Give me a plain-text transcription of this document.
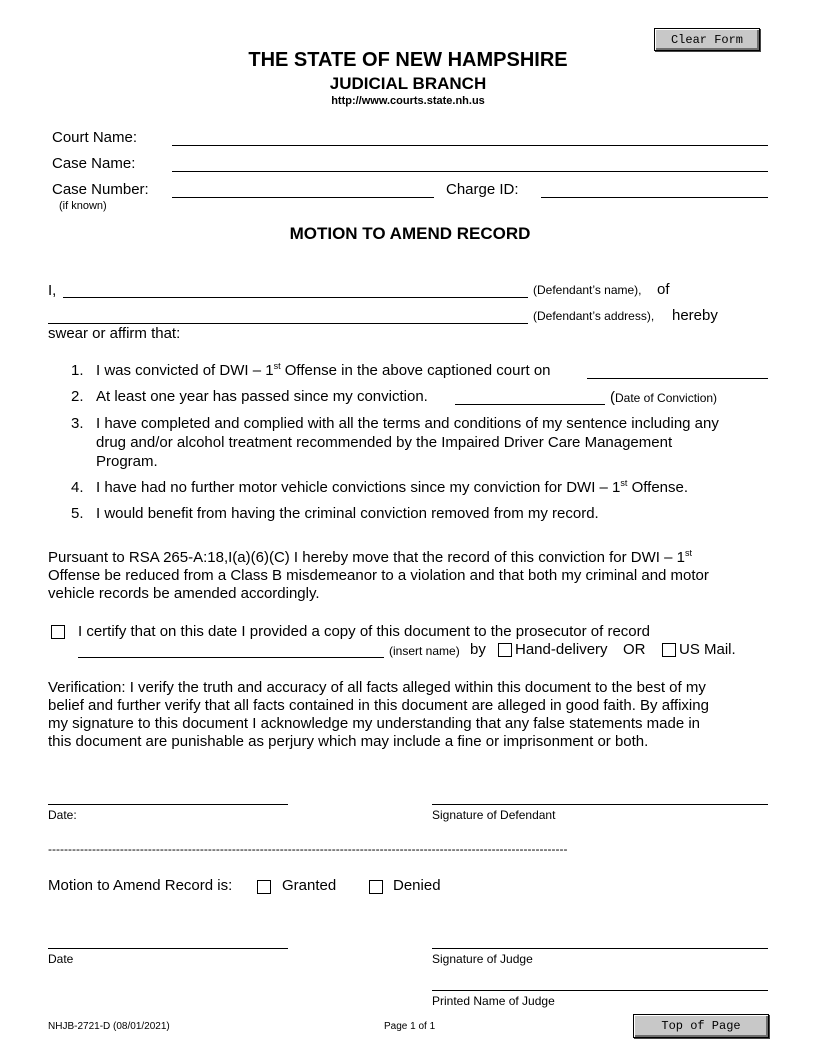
Clear Form
THE STATE OF NEW HAMPSHIRE
JUDICIAL BRANCH
http://www.courts.state.nh.us
Court Name:
Case Name:
Case Number:
(if known)
Charge ID:
MOTION TO AMEND RECORD
I,	(Defendant’s name), of
(Defendant’s address), hereby
swear or affirm that:
1. I was convicted of DWI – 1st Offense in the above captioned court on
2. At least one year has passed since my conviction.	(Date of Conviction)
3. I have completed and complied with all the terms and conditions of my sentence including any
drug and/or alcohol treatment recommended by the Impaired Driver Care Management
Program.
4. I have had no further motor vehicle convictions since my conviction for DWI – 1st Offense.
5. I would benefit from having the criminal conviction removed from my record.
Pursuant to RSA 265-A:18,I(a)(6)(C) I hereby move that the record of this conviction for DWI – 1st
Offense be reduced from a Class B misdemeanor to a violation and that both my criminal and motor
vehicle records be amended accordingly.
I certify that on this date I provided a copy of this document to the prosecutor of record
(insert name) by Hand-delivery OR US Mail.
Verification: I verify the truth and accuracy of all facts alleged within this document to the best of my
belief and further verify that all facts contained in this document are alleged in good faith. By affixing
my signature to this document I acknowledge my understanding that any false statements made in
this document are punishable as perjury which may include a fine or imprisonment or both.
Date:	Signature of Defendant
----------------------------------------------------------------------------------------------------------------------------------
Motion to Amend Record is:	Granted	Denied
Date	Signature of Judge
Printed Name of Judge
NHJB-2721-D (08/01/2021)	Page 1 of 1	Top of Page
